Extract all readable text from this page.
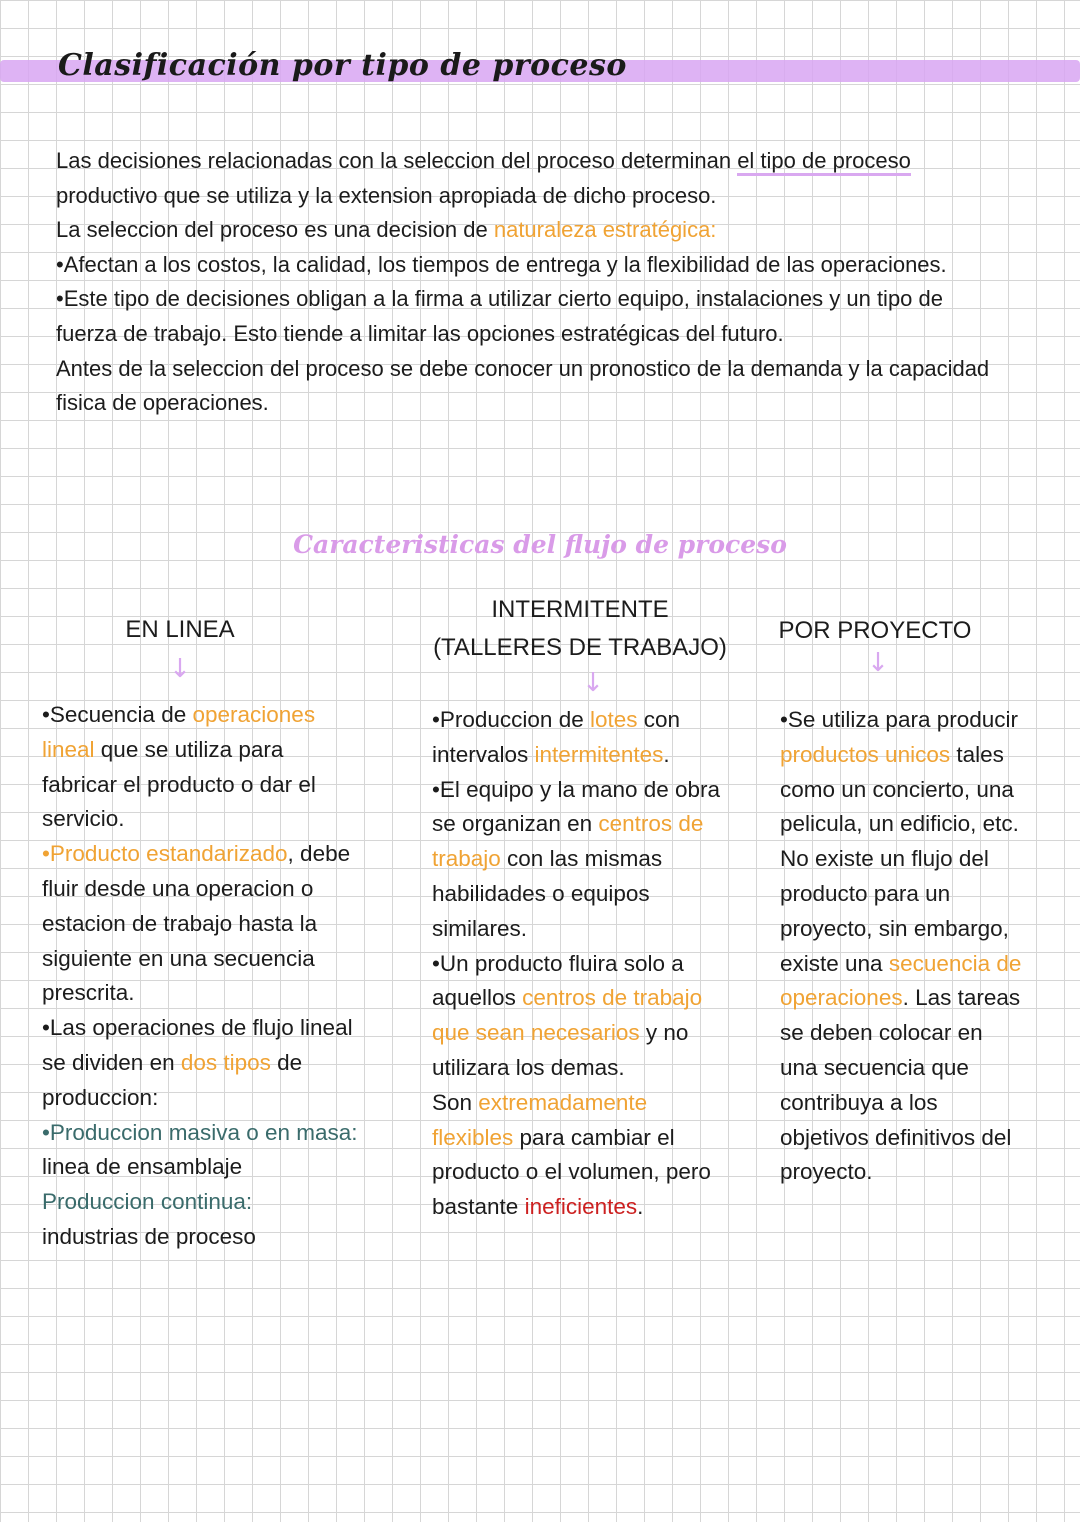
Clasificación por tipo de proceso

Las decisiones relacionadas con la seleccion del proceso determinan el tipo de proceso productivo que se utiliza y la extension apropiada de dicho proceso.

La seleccion del proceso es una decision de naturaleza estratégica:

•Afectan a los costos, la calidad, los tiempos de entrega y la flexibilidad de las operaciones.

•Este tipo de decisiones obligan a la firma a utilizar cierto equipo, instalaciones y un tipo de fuerza de trabajo. Esto tiende a limitar las opciones estratégicas del futuro.

Antes de la seleccion del proceso se debe conocer un pronostico de la demanda y la capacidad fisica de operaciones.

Caracteristicas del flujo de proceso
EN LINEA
↓
INTERMITENTE
(TALLERES DE TRABAJO)
↓
POR PROYECTO
↓

•Secuencia de operaciones lineal que se utiliza para fabricar el producto o dar el servicio.

•Producto estandarizado, debe fluir desde una operacion o estacion de trabajo hasta la siguiente en una secuencia prescrita.

•Las operaciones de flujo lineal se dividen en dos tipos de produccion:

•Produccion masiva o en masa: linea de ensamblaje

Produccion continua:

industrias de proceso

•Produccion de lotes con intervalos intermitentes.

•El equipo y la mano de obra se organizan en centros de trabajo con las mismas habilidades o equipos similares.

•Un producto fluira solo a aquellos centros de trabajo que sean necesarios y no utilizara los demas.

Son extremadamente flexibles para cambiar el producto o el volumen, pero bastante ineficientes.

•Se utiliza para producir productos unicos tales como un concierto, una pelicula, un edificio, etc.

No existe un flujo del producto para un proyecto, sin embargo, existe una secuencia de operaciones. Las tareas se deben colocar en una secuencia que contribuya a los objetivos definitivos del proyecto.
